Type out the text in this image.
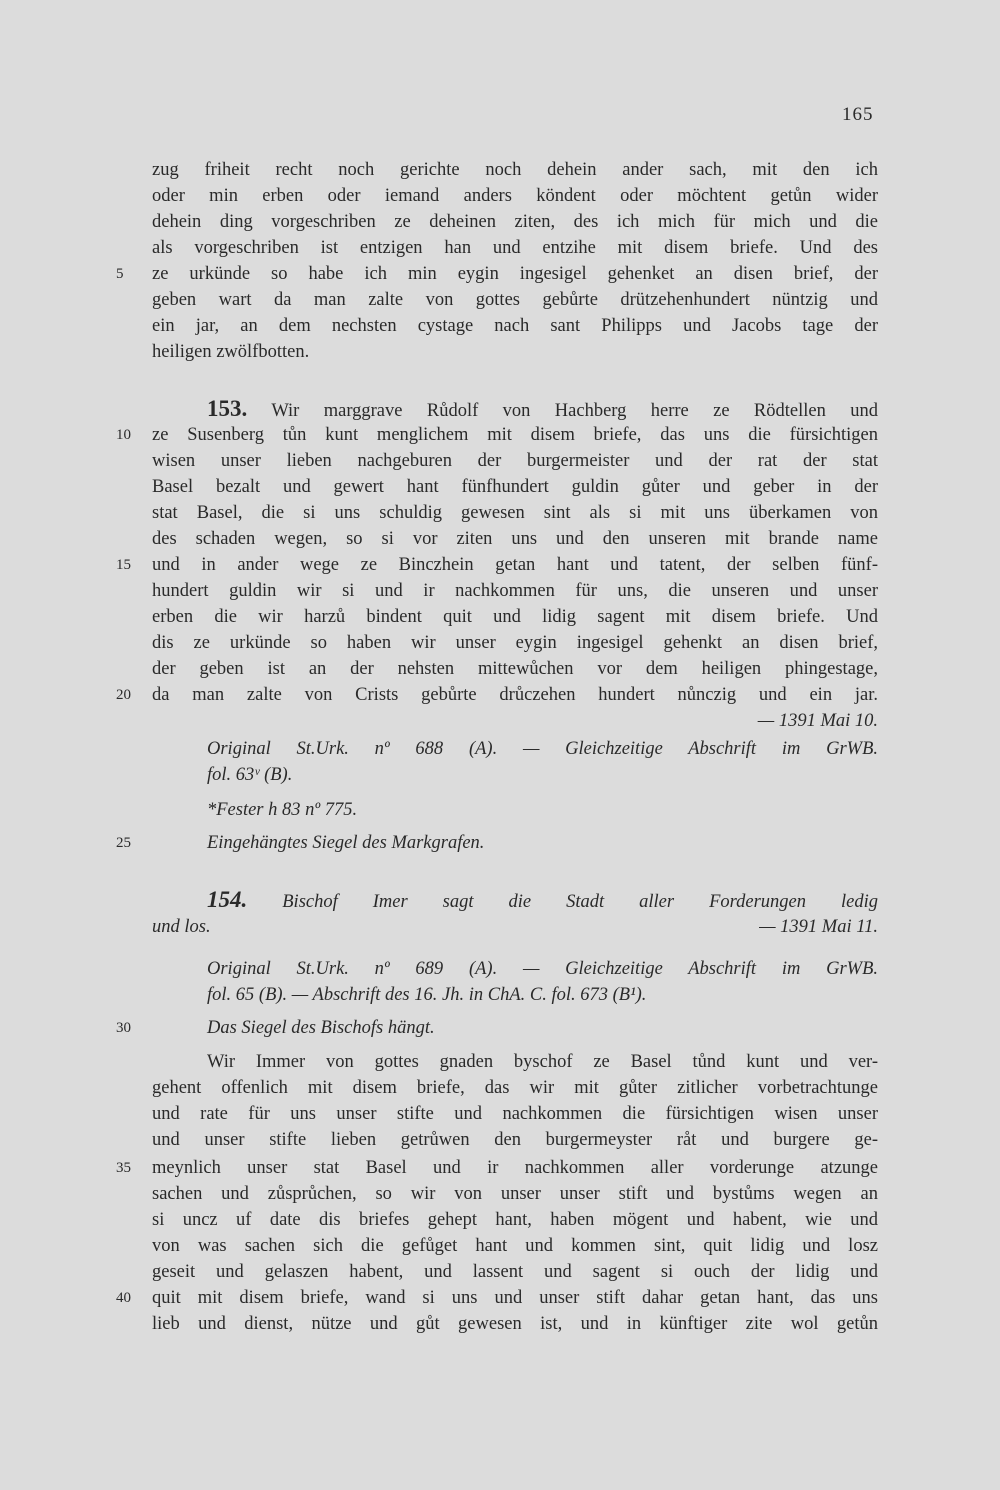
165
zug friheit recht noch gerichte noch dehein ander sach, mit den ich
oder min erben oder iemand anders köndent oder möchtent getůn wider
dehein ding vorgeschriben ze deheinen ziten, des ich mich für mich und die
als vorgeschriben ist entzigen han und entzihe mit disem briefe. Und des
5 ze urkünde so habe ich min eygin ingesigel gehenket an disen brief, der
geben wart da man zalte von gottes gebůrte drützehenhundert nüntzig und
ein jar, an dem nechsten cystage nach sant Philipps und Jacobs tage der
heiligen zwölfbotten.
153. Wir marggrave Růdolf von Hachberg herre ze Rödtellen und
10 ze Susenberg tůn kunt menglichem mit disem briefe, das uns die fürsichtigen
wisen unser lieben nachgeburen der burgermeister und der rat der stat
Basel bezalt und gewert hant fünfhundert guldin gůter und geber in der
stat Basel, die si uns schuldig gewesen sint als si mit uns überkamen von
des schaden wegen, so si vor ziten uns und den unseren mit brande name
15 und in ander wege ze Binczhein getan hant und tatent, der selben fünf-
hundert guldin wir si und ir nachkommen für uns, die unseren und unser
erben die wir harzů bindent quit und lidig sagent mit disem briefe. Und
dis ze urkünde so haben wir unser eygin ingesigel gehenkt an disen brief,
der geben ist an der nehsten mittewůchen vor dem heiligen phingestage,
20 da man zalte von Crists gebůrte drůczehen hundert nůnczig und ein jar.
— 1391 Mai 10.
Original St.Urk. nº 688 (A). — Gleichzeitige Abschrift im GrWB.
fol. 63ᵛ (B).
*Fester h 83 nº 775.
25	Eingehängtes Siegel des Markgrafen.
154. Bischof Imer sagt die Stadt aller Forderungen ledig
und los.	— 1391 Mai 11.
Original St.Urk. nº 689 (A). — Gleichzeitige Abschrift im GrWB.
fol. 65 (B). — Abschrift des 16. Jh. in ChA. C. fol. 673 (B¹).
30	Das Siegel des Bischofs hängt.
Wir Immer von gottes gnaden byschof ze Basel tůnd kunt und ver-
gehent offenlich mit disem briefe, das wir mit gůter zitlicher vorbetrachtunge
und rate für uns unser stifte und nachkommen die fürsichtigen wisen unser
und unser stifte lieben getrůwen den burgermeyster råt und burgere ge-
35 meynlich unser stat Basel und ir nachkommen aller vorderunge atzunge
sachen und zůsprůchen, so wir von unser unser stift und bystůms wegen an
si uncz uf date dis briefes gehept hant, haben mögent und habent, wie und
von was sachen sich die gefůget hant und kommen sint, quit lidig und losz
geseit und gelaszen habent, und lassent und sagent si ouch der lidig und
40 quit mit disem briefe, wand si uns und unser stift dahar getan hant, das uns
lieb und dienst, nütze und gůt gewesen ist, und in künftiger zite wol getůn
